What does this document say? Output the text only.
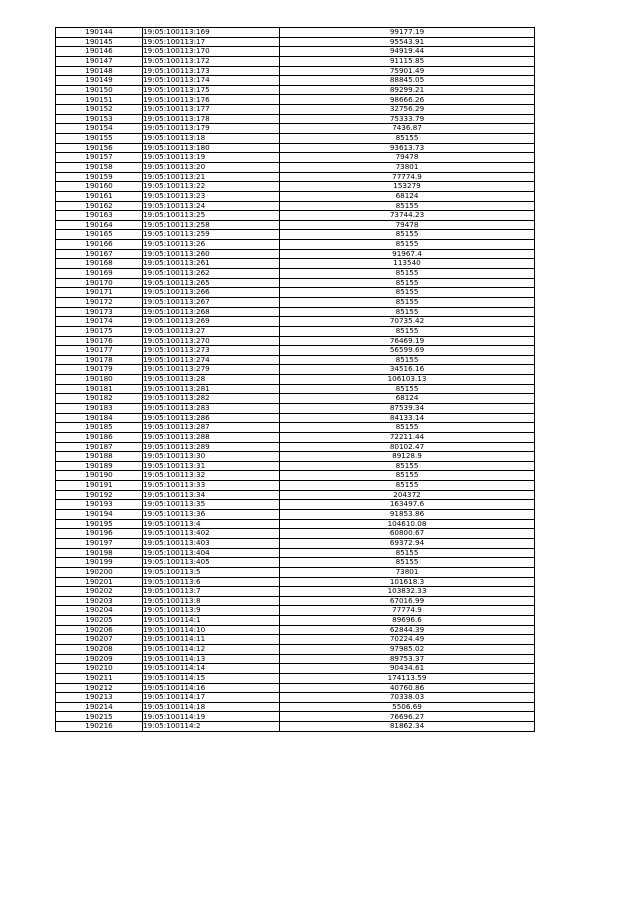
190144	19:05:100113:169	99177.19
190145	19:05:100113:17	95543.91
190146	19:05:100113:170	94919.44
190147	19:05:100113:172	91115.85
190148	19:05:100113:173	75901.49
190149	19:05:100113:174	88845.05
190150	19:05:100113:175	89299.21
190151	19:05:100113:176	98666.26
190152	19:05:100113:177	32756.29
190153	19:05:100113:178	75333.79
190154	19:05:100113:179	7436.87
190155	19:05:100113:18	85155
190156	19:05:100113:180	93613.73
190157	19:05:100113:19	79478
190158	19:05:100113:20	73801
190159	19:05:100113:21	77774.9
190160	19:05:100113:22	153279
190161	19:05:100113:23	68124
190162	19:05:100113:24	85155
190163	19:05:100113:25	73744.23
190164	19:05:100113:258	79478
190165	19:05:100113:259	85155
190166	19:05:100113:26	85155
190167	19:05:100113:260	91967.4
190168	19:05:100113:261	113540
190169	19:05:100113:262	85155
190170	19:05:100113:265	85155
190171	19:05:100113:266	85155
190172	19:05:100113:267	85155
190173	19:05:100113:268	85155
190174	19:05:100113:269	70735.42
190175	19:05:100113:27	85155
190176	19:05:100113:270	76469.19
190177	19:05:100113:273	56599.69
190178	19:05:100113:274	85155
190179	19:05:100113:279	34516.16
190180	19:05:100113:28	106103.13
190181	19:05:100113:281	85155
190182	19:05:100113:282	68124
190183	19:05:100113:283	87539.34
190184	19:05:100113:286	84133.14
190185	19:05:100113:287	85155
190186	19:05:100113:288	72211.44
190187	19:05:100113:289	80102.47
190188	19:05:100113:30	89128.9
190189	19:05:100113:31	85155
190190	19:05:100113:32	85155
190191	19:05:100113:33	85155
190192	19:05:100113:34	204372
190193	19:05:100113:35	163497.6
190194	19:05:100113:36	91853.86
190195	19:05:100113:4	104610.08
190196	19:05:100113:402	60800.67
190197	19:05:100113:403	69372.94
190198	19:05:100113:404	85155
190199	19:05:100113:405	85155
190200	19:05:100113:5	73801
190201	19:05:100113:6	101618.3
190202	19:05:100113:7	103832.33
190203	19:05:100113:8	67016.99
190204	19:05:100113:9	77774.9
190205	19:05:100114:1	89696.6
190206	19:05:100114:10	62844.39
190207	19:05:100114:11	70224.49
190208	19:05:100114:12	97985.02
190209	19:05:100114:13	89753.37
190210	19:05:100114:14	90434.61
190211	19:05:100114:15	174113.59
190212	19:05:100114:16	40760.86
190213	19:05:100114:17	70338.03
190214	19:05:100114:18	5506.69
190215	19:05:100114:19	76696.27
190216	19:05:100114:2	81862.34
